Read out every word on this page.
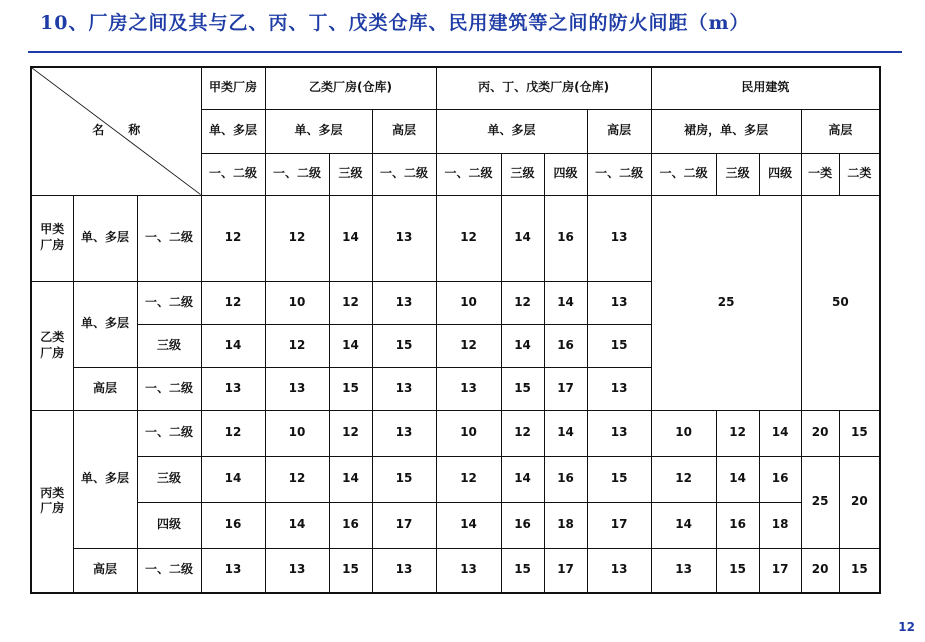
10、厂房之间及其与乙、丙、丁、戊类仓库、民用建筑等之间的防火间距（m）
名　　称			甲类厂房	乙类厂房(仓库)			丙、丁、戊类厂房(仓库)				民用建筑				
			单、多层	单、多层		高层	单、多层			高层	裙房，单、多层			高层	
			一、二级	一、二级	三级	一、二级	一、二级	三级	四级	一、二级	一、二级	三级	四级	一类	二类
甲类厂房	单、多层	一、二级	12	12	14	13	12	14	16	13	25			50	
乙类厂房	单、多层	一、二级	12	10	12	13	10	12	14	13					
		三级	14	12	14	15	12	14	16	15					
	高层	一、二级	13	13	15	13	13	15	17	13					
丙类厂房	单、多层	一、二级	12	10	12	13	10	12	14	13	10	12	14	20	15
		三级	14	12	14	15	12	14	16	15	12	14	16	25	20
		四级	16	14	16	17	14	16	18	17	14	16	18		
	高层	一、二级	13	13	15	13	13	15	17	13	13	15	17	20	15
12
